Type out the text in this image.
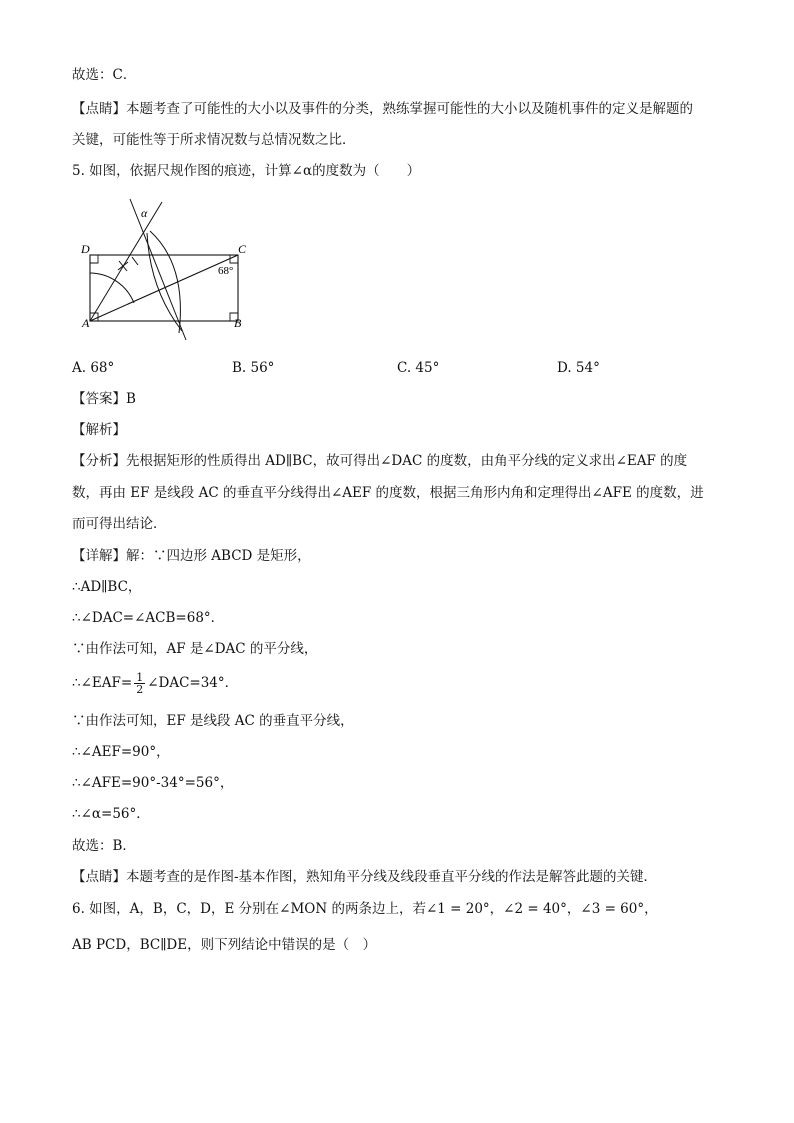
故选：C．
【点睛】本题考查了可能性的大小以及事件的分类，熟练掌握可能性的大小以及随机事件的定义是解题的
关键，可能性等于所求情况数与总情况数之比．
5. 如图，依据尺规作图的痕迹，计算∠α的度数为（　　）
D	C
A	B
α
68°
A. 68°	B. 56°	C. 45°	D. 54°
【答案】B
【解析】
【分析】先根据矩形的性质得出 AD∥BC，故可得出∠DAC 的度数，由角平分线的定义求出∠EAF 的度
数，再由 EF 是线段 AC 的垂直平分线得出∠AEF 的度数，根据三角形内角和定理得出∠AFE 的度数，进
而可得出结论．
【详解】解：∵四边形 ABCD 是矩形，
∴AD∥BC，
∴∠DAC=∠ACB=68°．
∵由作法可知，AF 是∠DAC 的平分线，
∴∠EAF= $\frac{1}{2}$ ∠DAC=34°．
∵由作法可知，EF 是线段 AC 的垂直平分线，
∴∠AEF=90°，
∴∠AFE=90°-34°=56°，
∴∠α=56°．
故选：B．
【点睛】本题考查的是作图-基本作图，熟知角平分线及线段垂直平分线的作法是解答此题的关键．
6. 如图，A，B，C，D，E 分别在∠MON 的两条边上，若∠1 = 20°，∠2 = 40°，∠3 = 60°，
AB PCD，BC∥DE，则下列结论中错误的是（　）
